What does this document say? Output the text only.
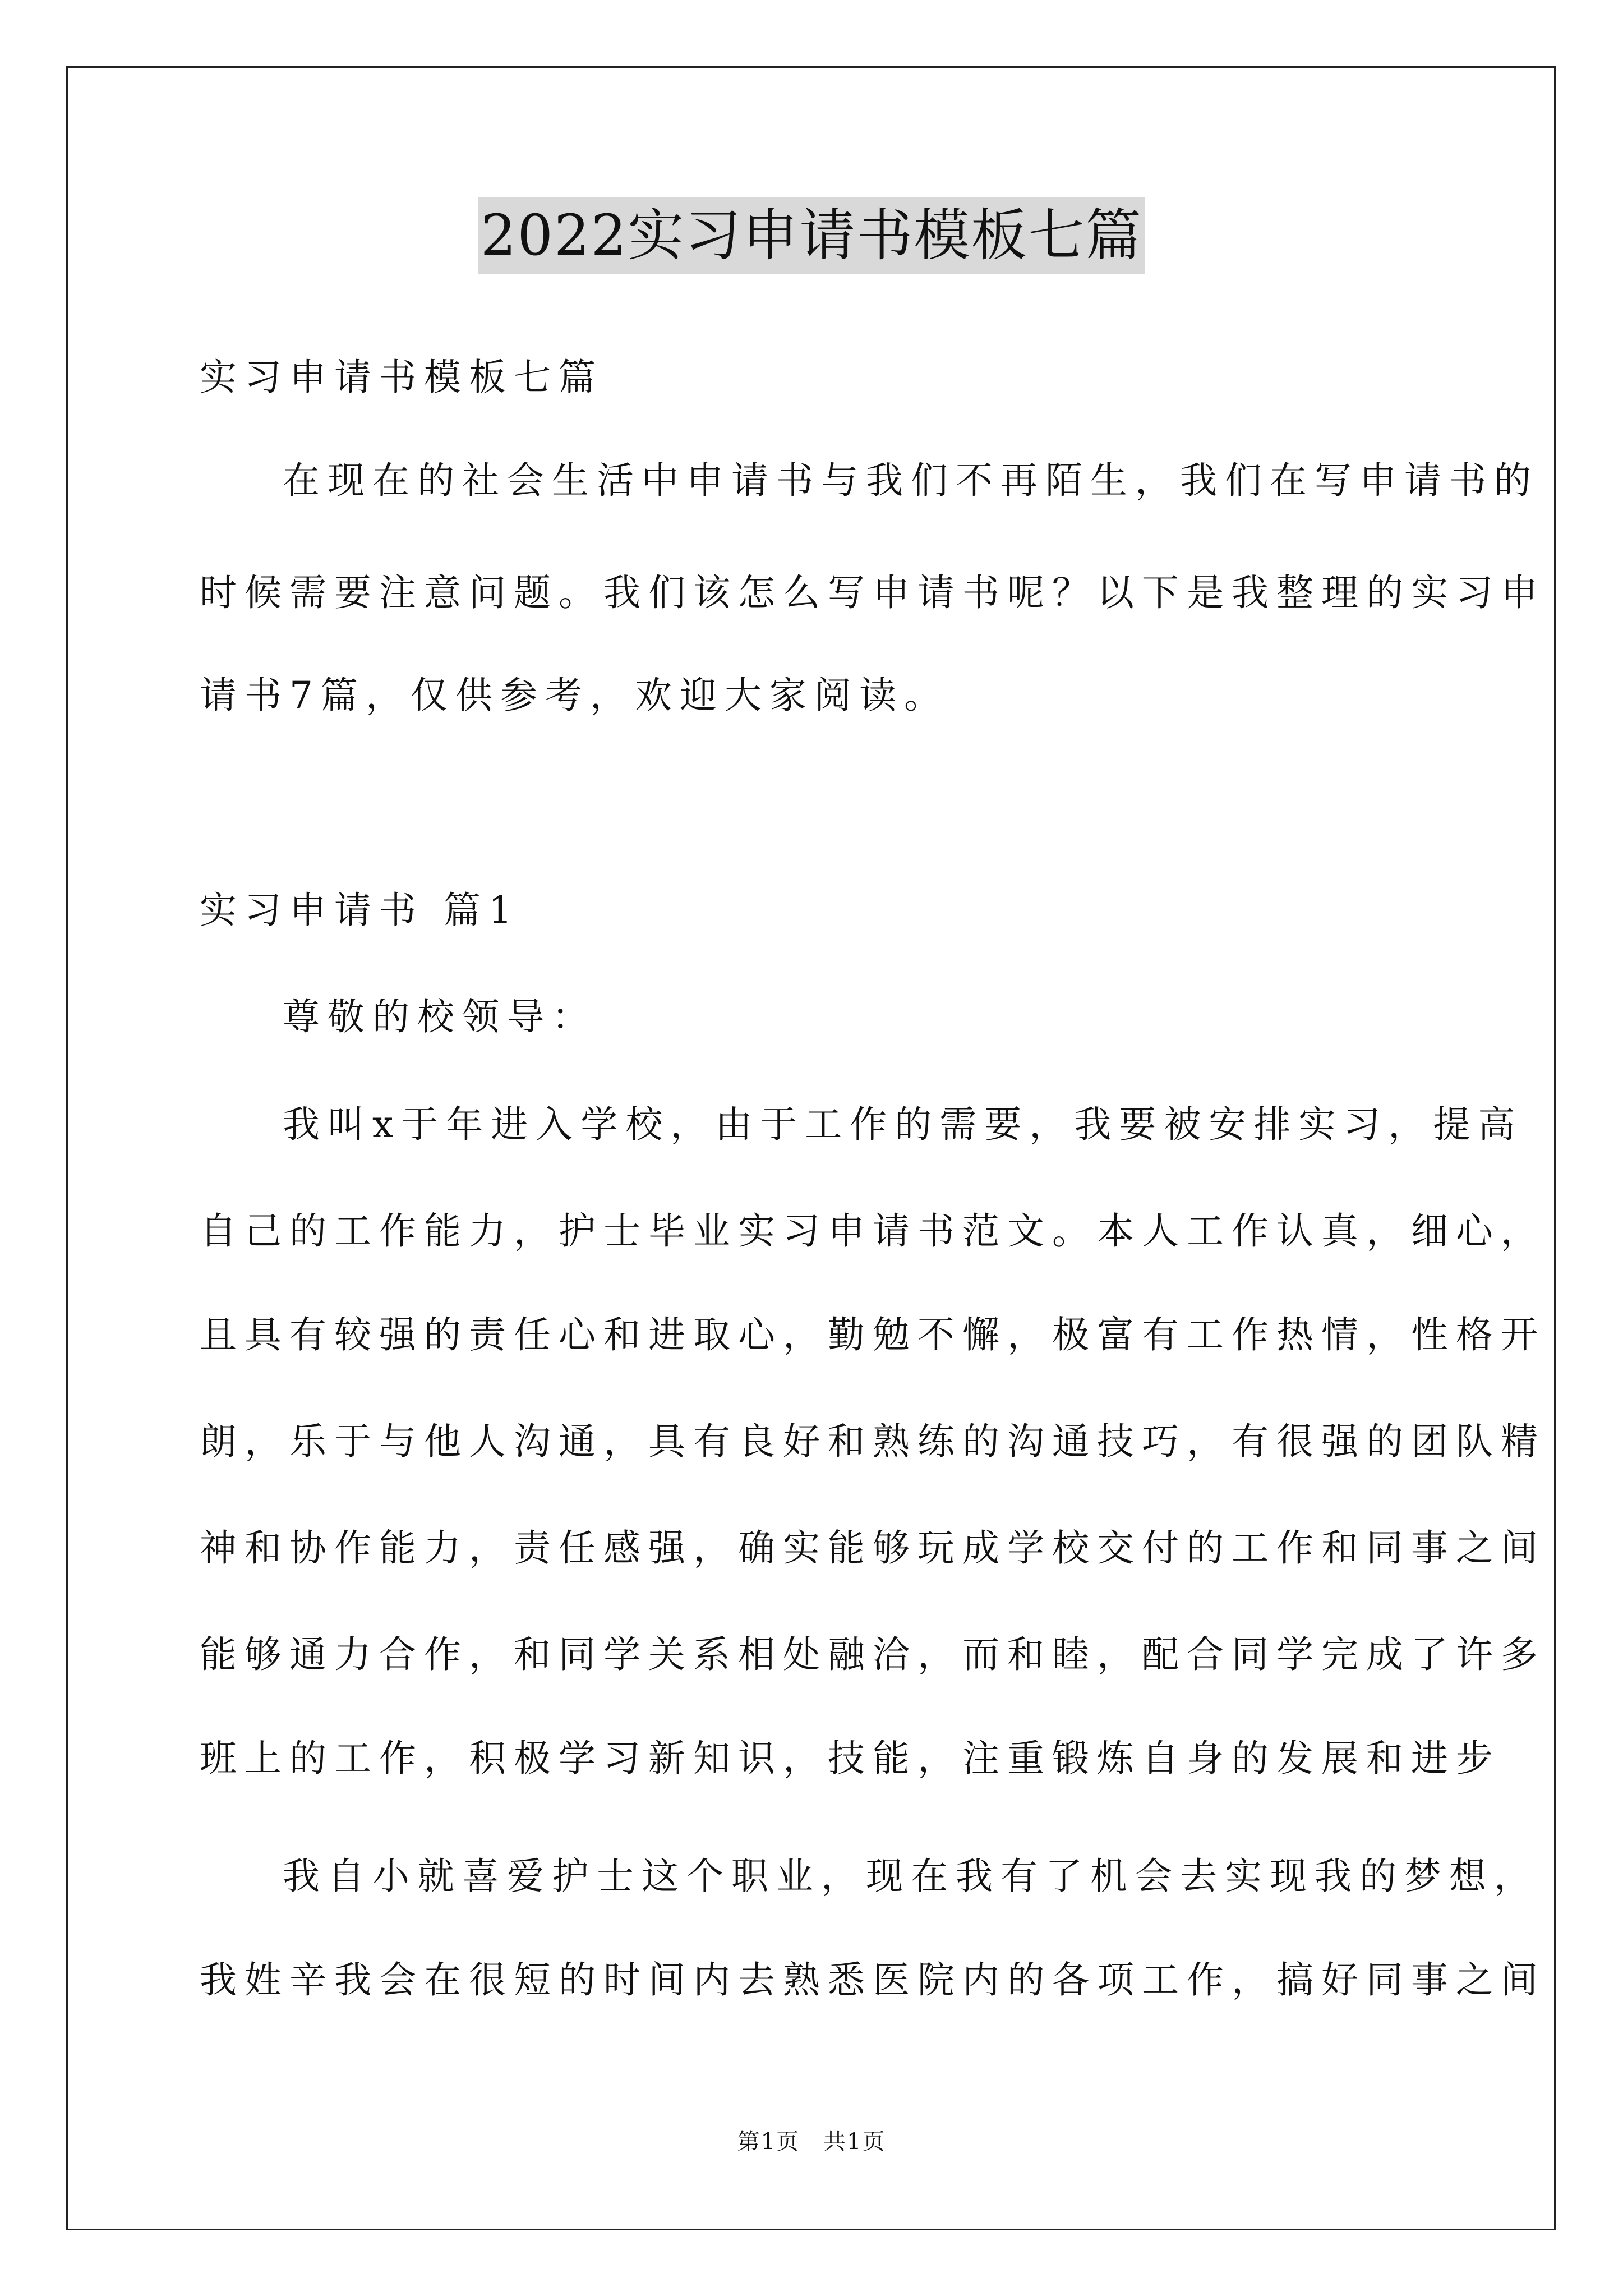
2022实习申请书模板七篇
实习申请书模板七篇
在现在的社会生活中申请书与我们不再陌生，我们在写申请书的
时候需要注意问题。我们该怎么写申请书呢？以下是我整理的实习申
请书7篇，仅供参考，欢迎大家阅读。
实习申请书 篇1
尊敬的校领导：
我叫x于年进入学校，由于工作的需要，我要被安排实习，提高
自己的工作能力，护士毕业实习申请书范文。本人工作认真，细心，
且具有较强的责任心和进取心，勤勉不懈，极富有工作热情，性格开
朗，乐于与他人沟通，具有良好和熟练的沟通技巧，有很强的团队精
神和协作能力，责任感强，确实能够玩成学校交付的工作和同事之间
能够通力合作，和同学关系相处融洽，而和睦，配合同学完成了许多
班上的工作，积极学习新知识，技能，注重锻炼自身的发展和进步
我自小就喜爱护士这个职业，现在我有了机会去实现我的梦想，
我姓辛我会在很短的时间内去熟悉医院内的各项工作，搞好同事之间
第1页　共1页
